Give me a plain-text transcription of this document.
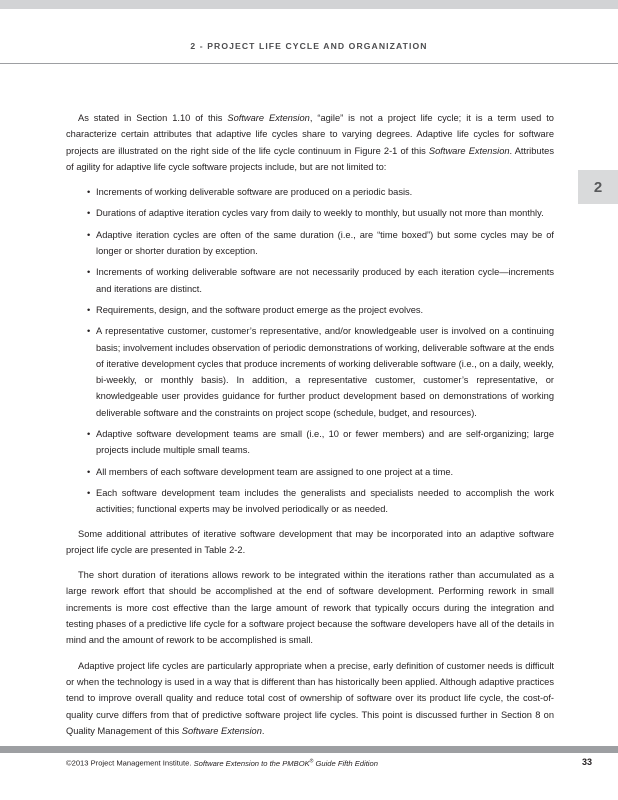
2 - PROJECT LIFE CYCLE AND ORGANIZATION
2

As stated in Section 1.10 of this Software Extension, “agile” is not a project life cycle; it is a term used to characterize certain attributes that adaptive life cycles share to varying degrees. Adaptive life cycles for software projects are illustrated on the right side of the life cycle continuum in Figure 2-1 of this Software Extension. Attributes of agility for adaptive life cycle software projects include, but are not limited to:

• Increments of working deliverable software are produced on a periodic basis.
• Durations of adaptive iteration cycles vary from daily to weekly to monthly, but usually not more than monthly.
• Adaptive iteration cycles are often of the same duration (i.e., are “time boxed”) but some cycles may be of longer or shorter duration by exception.
• Increments of working deliverable software are not necessarily produced by each iteration cycle—increments and iterations are distinct.
• Requirements, design, and the software product emerge as the project evolves.
• A representative customer, customer’s representative, and/or knowledgeable user is involved on a continuing basis; involvement includes observation of periodic demonstrations of working, deliverable software at the ends of iterative development cycles that produce increments of working deliverable software (i.e., on a daily, weekly, bi-weekly, or monthly basis). In addition, a representative customer, customer’s representative, or knowledgeable user provides guidance for further product development based on demonstrations of working deliverable software and the constraints on project scope (schedule, budget, and resources).
• Adaptive software development teams are small (i.e., 10 or fewer members) and are self-organizing; large projects include multiple small teams.
• All members of each software development team are assigned to one project at a time.
• Each software development team includes the generalists and specialists needed to accomplish the work activities; functional experts may be involved periodically or as needed.

Some additional attributes of iterative software development that may be incorporated into an adaptive software project life cycle are presented in Table 2-2.

The short duration of iterations allows rework to be integrated within the iterations rather than accumulated as a large rework effort that should be accomplished at the end of software development. Performing rework in small increments is more cost effective than the large amount of rework that typically occurs during the integration and testing phases of a predictive life cycle for a software project because the software developers have all of the details in mind and the amount of rework to be accomplished is small.

Adaptive project life cycles are particularly appropriate when a precise, early definition of customer needs is difficult or when the technology is used in a way that is different than has historically been applied. Although adaptive practices tend to improve overall quality and reduce total cost of ownership of software over its product life cycle, the cost-of-quality curve differs from that of predictive software project life cycles. This point is discussed further in Section 8 on Quality Management of this Software Extension.

©2013 Project Management Institute. Software Extension to the PMBOK® Guide Fifth Edition	33
